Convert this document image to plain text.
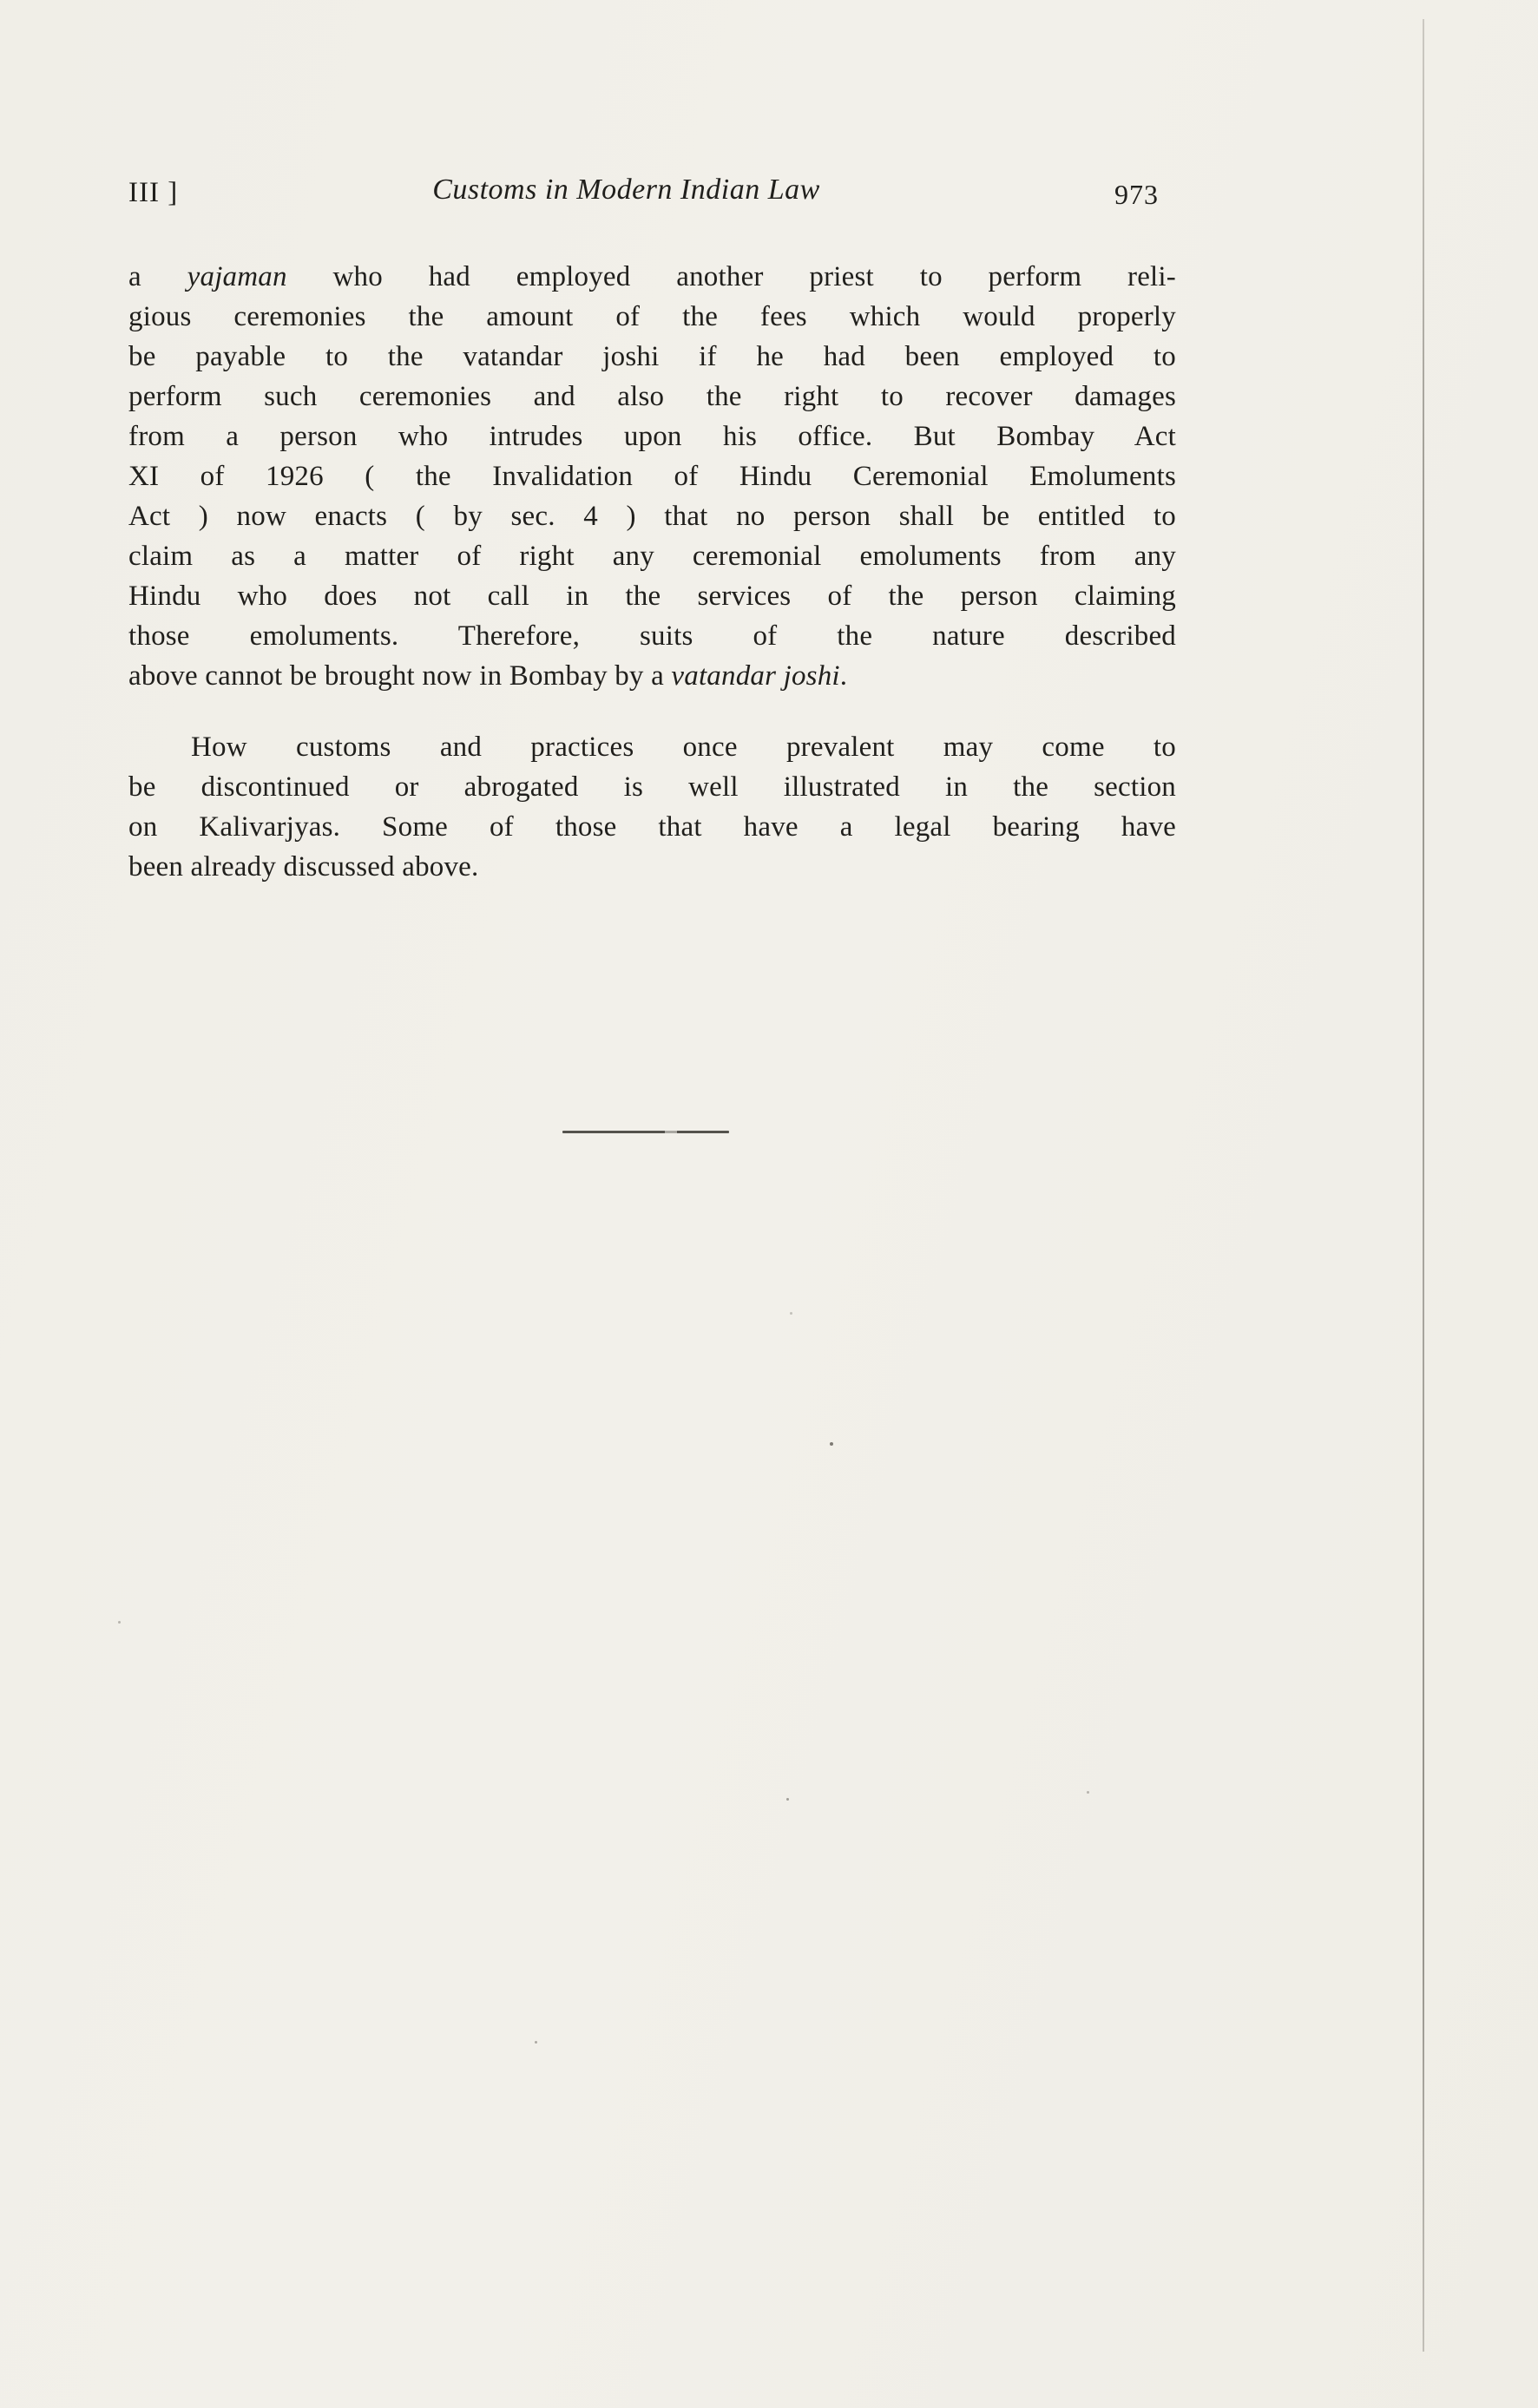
III ]	Customs in Modern Indian Law	973
a yajaman who had employed another priest to perform reli-
gious ceremonies the amount of the fees which would properly
be payable to the vatandar joshi if he had been employed to
perform such ceremonies and also the right to recover damages
from a person who intrudes upon his office. But Bombay Act
XI of 1926 ( the Invalidation of Hindu Ceremonial Emoluments
Act ) now enacts ( by sec. 4 ) that no person shall be entitled to
claim as a matter of right any ceremonial emoluments from any
Hindu who does not call in the services of the person claiming
those emoluments. Therefore, suits of the nature described
above cannot be brought now in Bombay by a vatandar joshi.
How customs and practices once prevalent may come to
be discontinued or abrogated is well illustrated in the section
on Kalivarjyas. Some of those that have a legal bearing have
been already discussed above.
